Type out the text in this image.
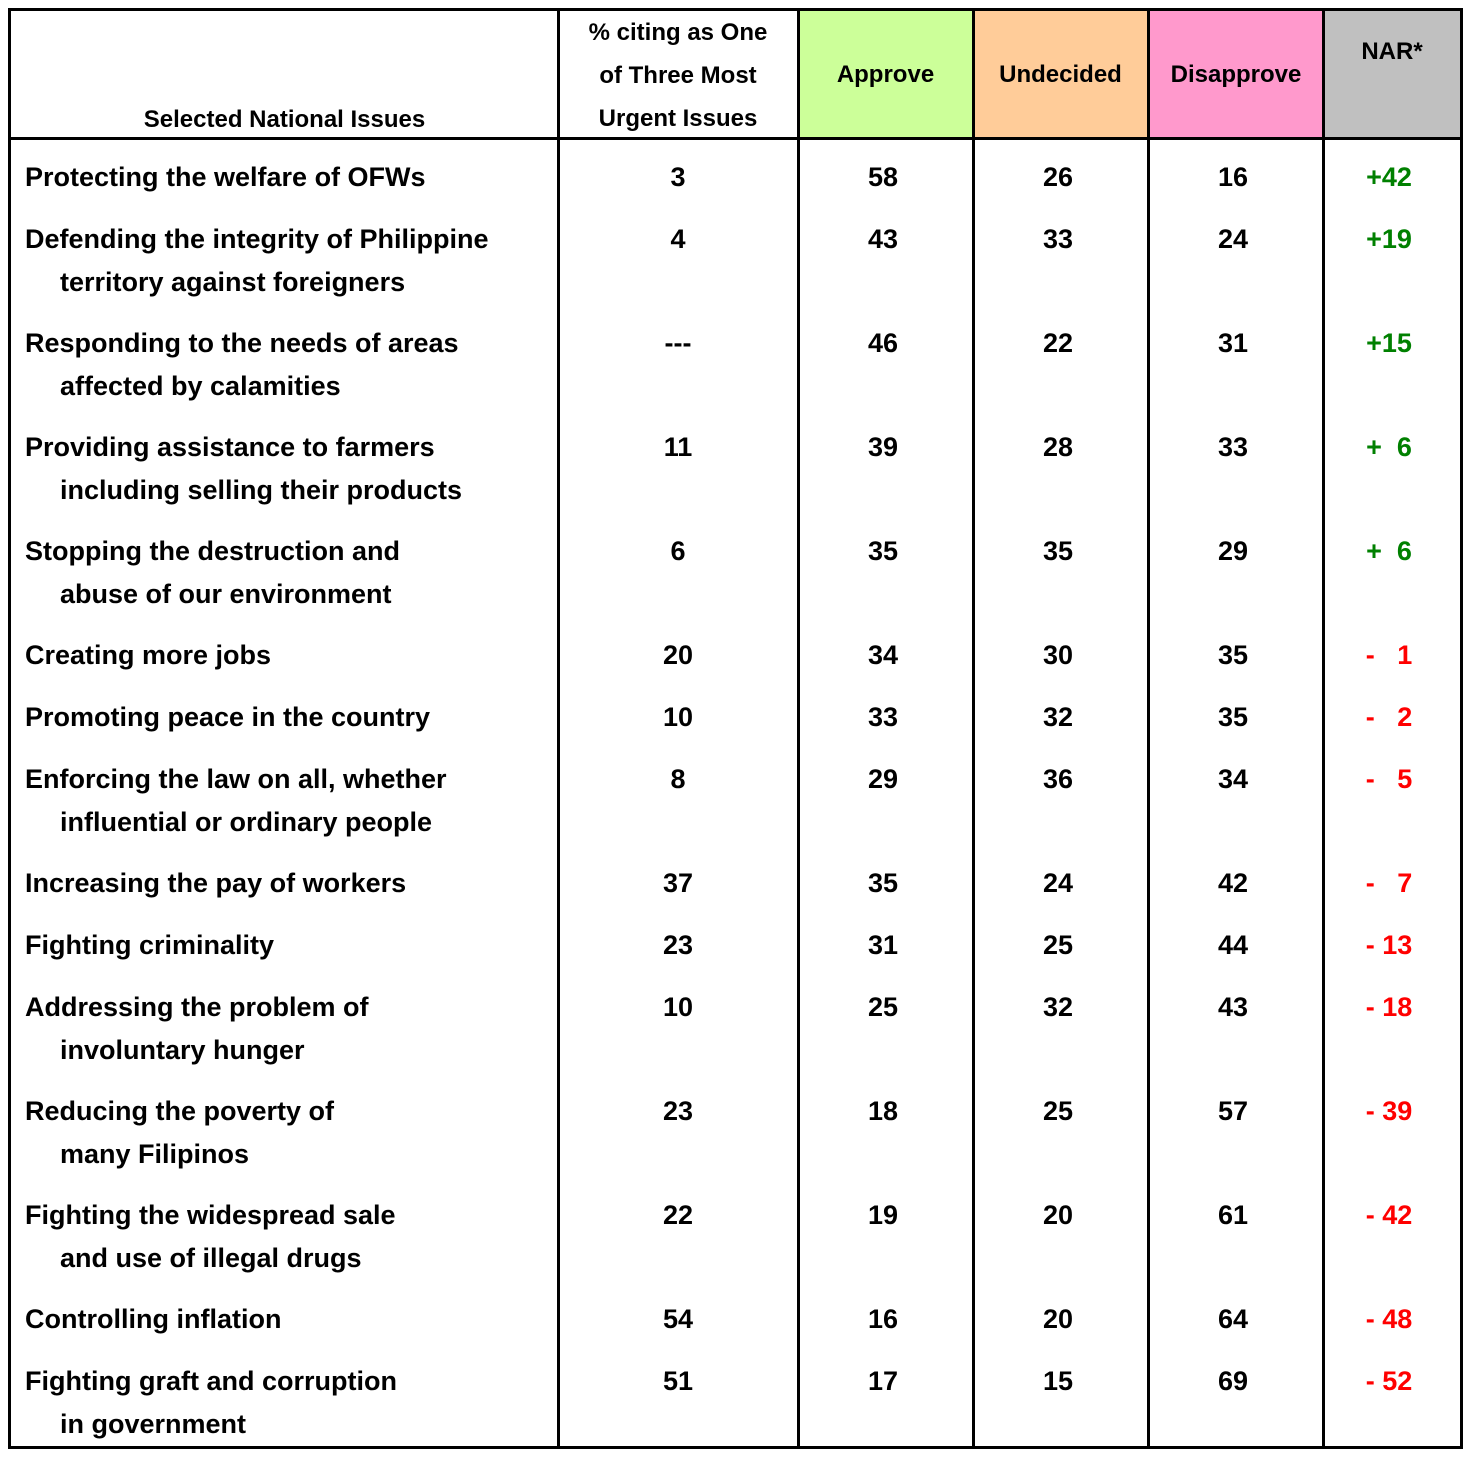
Selected National Issues
% citing as One
of Three Most
Urgent Issues
Approve	Undecided Disapprove
NAR*
Protecting the welfare of OFWs	3	58	26	16	+42
Defending the integrity of Philippine
territory against foreigners
4	43	33	24	+19
Responding to the needs of areas
affected by calamities
---	46	22	31	+15
Providing assistance to farmers
including selling their products
11	39	28	33	+  6
Stopping the destruction and
abuse of our environment
6	35	35	29	+  6
Creating more jobs	20	34	30	35	-   1
Promoting peace in the country	10	33	32	35	-   2
Enforcing the law on all, whether
influential or ordinary people
8	29	36	34	-   5
Increasing the pay of workers	37	35	24	42	-   7
Fighting criminality	23	31	25	44	- 13
Addressing the problem of
involuntary hunger
10	25	32	43	- 18
Reducing the poverty of
many Filipinos
23	18	25	57	- 39
Fighting the widespread sale
and use of illegal drugs
22	19	20	61	- 42
Controlling inflation	54	16	20	64	- 48
Fighting graft and corruption
in government
51	17	15	69	- 52
